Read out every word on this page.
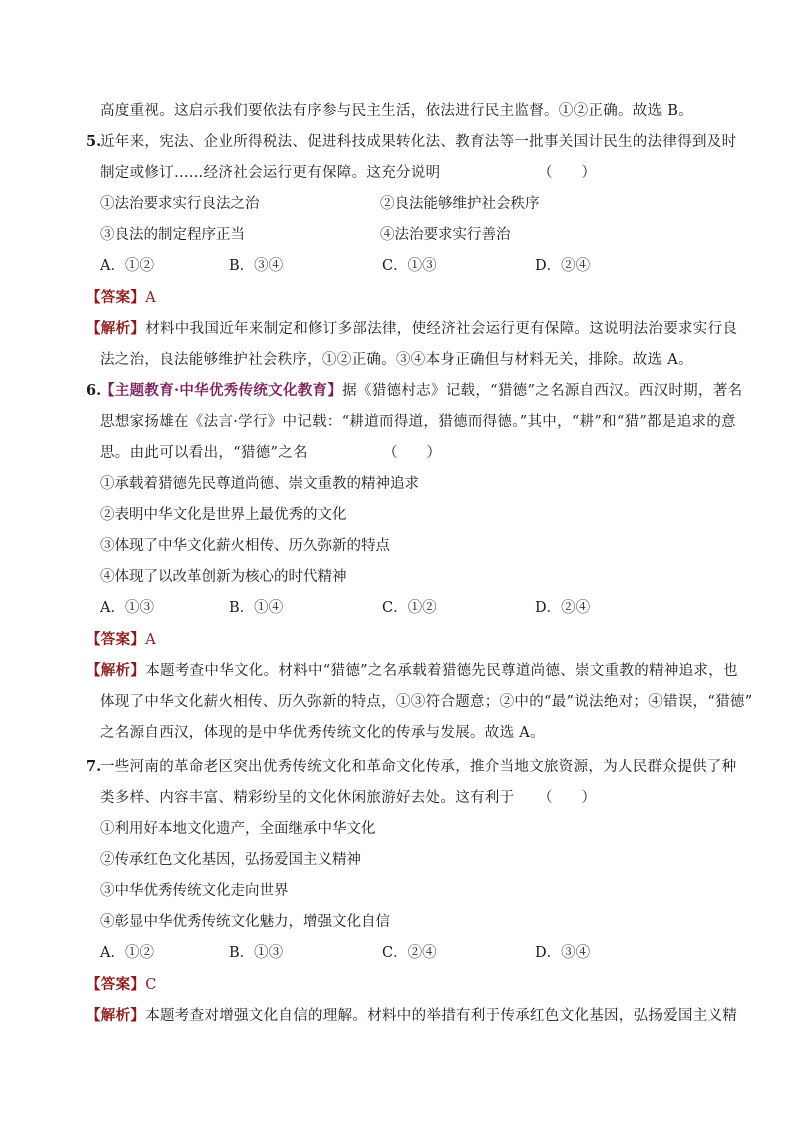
高度重视。这启示我们要依法有序参与民主生活，依法进行民主监督。①②正确。故选 B。
5.
近年来，宪法、企业所得税法、促进科技成果转化法、教育法等一批事关国计民生的法律得到及时
制定或修订……经济社会运行更有保障。这充分说明	（　　）
①法治要求实行良法之治	②良法能够维护社会秩序
③良法的制定程序正当	④法治要求实行善治
A．①②	B．③④	C．①③	D．②④
【答案】A
【解析】材料中我国近年来制定和修订多部法律，使经济社会运行更有保障。这说明法治要求实行良
法之治，良法能够维护社会秩序，①②正确。③④本身正确但与材料无关，排除。故选 A。
6.
【主题教育·中华优秀传统文化教育】据《猎德村志》记载，“猎德”之名源自西汉。西汉时期，著名
思想家扬雄在《法言·学行》中记载：“耕道而得道，猎德而得德。”其中，“耕”和“猎”都是追求的意
思。由此可以看出，“猎德”之名	（　　）
①承载着猎德先民尊道尚德、崇文重教的精神追求
②表明中华文化是世界上最优秀的文化
③体现了中华文化薪火相传、历久弥新的特点
④体现了以改革创新为核心的时代精神
A．①③	B．①④	C．①②	D．②④
【答案】A
【解析】本题考查中华文化。材料中“猎德”之名承载着猎德先民尊道尚德、崇文重教的精神追求，也
体现了中华文化薪火相传、历久弥新的特点，①③符合题意；②中的“最”说法绝对；④错误，“猎德”
之名源自西汉，体现的是中华优秀传统文化的传承与发展。故选 A。
7.
一些河南的革命老区突出优秀传统文化和革命文化传承，推介当地文旅资源，为人民群众提供了种
类多样、内容丰富、精彩纷呈的文化休闲旅游好去处。这有利于 （　　）
①利用好本地文化遗产，全面继承中华文化
②传承红色文化基因，弘扬爱国主义精神
③中华优秀传统文化走向世界
④彰显中华优秀传统文化魅力，增强文化自信
A．①②	B．①③	C．②④	D．③④
【答案】C
【解析】本题考查对增强文化自信的理解。材料中的举措有利于传承红色文化基因，弘扬爱国主义精
